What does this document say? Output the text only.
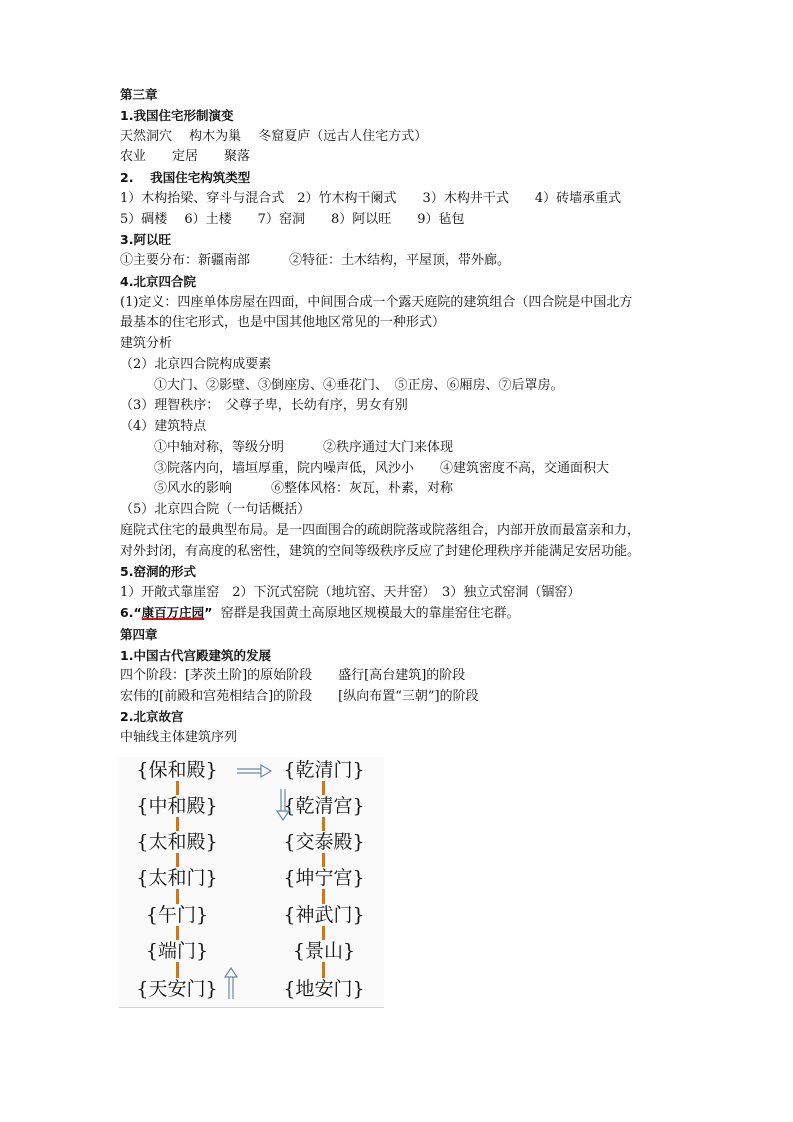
第三章
1.我国住宅形制演变
天然洞穴　 构木为巢　 冬窟夏庐（远古人住宅方式）
农业　　定居　　聚落
2.　 我国住宅构筑类型
1）木构抬梁、穿斗与混合式　2）竹木构干阑式　　3）木构井干式　　4）砖墙承重式
5）碉楼　 6）土楼　　7）窑洞　　8）阿以旺　　9）毡包
3.阿以旺
①主要分布：新疆南部　　　②特征：土木结构，平屋顶，带外廊。
4.北京四合院
(1)定义：四座单体房屋在四面，中间围合成一个露天庭院的建筑组合（四合院是中国北方
最基本的住宅形式，也是中国其他地区常见的一种形式）
建筑分析
（2）北京四合院构成要素
①大门、②影壁、③倒座房、④垂花门、　⑤正房、⑥厢房、⑦后罩房。
（3）理智秩序：　父尊子卑，长幼有序，男女有别
（4）建筑特点
①中轴对称，等级分明　　　②秩序通过大门来体现
③院落内向，墙垣厚重，院内噪声低，风沙小　　④建筑密度不高，交通面积大
⑤风水的影响　　　⑥整体风格：灰瓦，朴素，对称
（5）北京四合院（一句话概括）
庭院式住宅的最典型布局。是一四面围合的疏朗院落或院落组合，内部开放而最富亲和力，
对外封闭，有高度的私密性，建筑的空间等级秩序反应了封建伦理秩序并能满足安居功能。
5.窑洞的形式
1）开敞式靠崖窑　2）下沉式窑院（地坑窑、天井窑）　3）独立式窑洞（锢窑）
6.“康百万庄园” 窑群是我国黄土高原地区规模最大的靠崖窑住宅群。
第四章
1.中国古代宫殿建筑的发展
四个阶段：[茅茨土阶]的原始阶段　　盛行[高台建筑]的阶段
宏伟的[前殿和宫苑相结合]的阶段　　[纵向布置“三朝”]的阶段
2.北京故宫
中轴线主体建筑序列
{保和殿}
{中和殿}
{太和殿}
{太和门}
{午门}
{端门}
{天安门}
{乾清门}
{乾清宫}
{交泰殿}
{坤宁宫}
{神武门}
{景山}
{地安门}
